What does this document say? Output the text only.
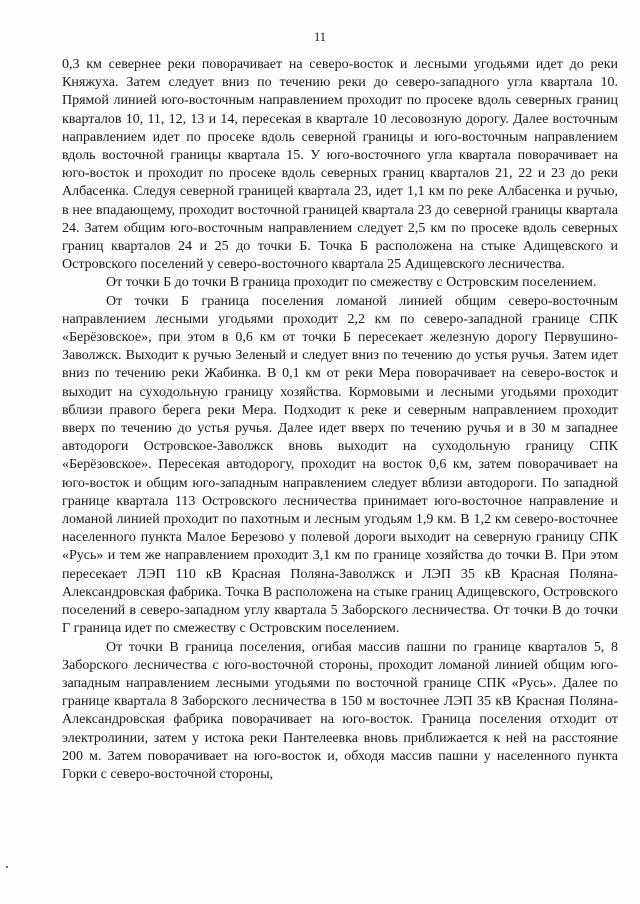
11

0,3 км севернее реки поворачивает на северо-восток и лесными угодьями идет до реки Княжуха. Затем следует вниз по течению реки до северо-западного угла квартала 10. Прямой линией юго-восточным направлением проходит по просеке вдоль северных границ кварталов 10, 11, 12, 13 и 14, пересекая в квартале 10 лесовозную дорогу. Далее восточным направлением идет по просеке вдоль северной границы и юго-восточным направлением вдоль восточной границы квартала 15. У юго-восточного угла квартала поворачивает на юго-восток и проходит по просеке вдоль северных границ кварталов 21, 22 и 23 до реки Албасенка. Следуя северной границей квартала 23, идет 1,1 км по реке Албасенка и ручью, в нее впадающему, проходит восточной границей квартала 23 до северной границы квартала 24. Затем общим юго-восточным направлением следует 2,5 км по просеке вдоль северных границ кварталов 24 и 25 до точки Б. Точка Б расположена на стыке Адищевского и Островского поселений у северо-восточного квартала 25 Адищевского лесничества.

От точки Б до точки В граница проходит по смежеству с Островским поселением.

От точки Б граница поселения ломаной линией общим северо-восточным направлением лесными угодьями проходит 2,2 км по северо-западной границе СПК «Берёзовское», при этом в 0,6 км от точки Б пересекает железную дорогу Первушино-Заволжск. Выходит к ручью Зеленый и следует вниз по течению до устья ручья. Затем идет вниз по течению реки Жабинка. В 0,1 км от реки Мера поворачивает на северо-восток и выходит на суходольную границу хозяйства. Кормовыми и лесными угодьями проходит вблизи правого берега реки Мера. Подходит к реке и северным направлением проходит вверх по течению до устья ручья. Далее идет вверх по течению ручья и в 30 м западнее автодороги Островское-Заволжск вновь выходит на суходольную границу СПК «Берёзовское». Пересекая автодорогу, проходит на восток 0,6 км, затем поворачивает на юго-восток и общим юго-западным направлением следует вблизи автодороги. По западной границе квартала 113 Островского лесничества принимает юго-восточное направление и ломаной линией проходит по пахотным и лесным угодьям 1,9 км. В 1,2 км северо-восточнее населенного пункта Малое Березово у полевой дороги выходит на северную границу СПК «Русь» и тем же направлением проходит 3,1 км по границе хозяйства до точки В. При этом пересекает ЛЭП 110 кВ Красная Поляна-Заволжск и ЛЭП 35 кВ Красная Поляна-Александровская фабрика. Точка В расположена на стыке границ Адищевского, Островского поселений в северо-западном углу квартала 5 Заборского лесничества. От точки В до точки Г граница идет по смежеству с Островским поселением.

От точки В граница поселения, огибая массив пашни по границе кварталов 5, 8 Заборского лесничества с юго-восточной стороны, проходит ломаной линией общим юго-западным направлением лесными угодьями по восточной границе СПК «Русь». Далее по границе квартала 8 Заборского лесничества в 150 м восточнее ЛЭП 35 кВ Красная Поляна-Александровская фабрика поворачивает на юго-восток. Граница поселения отходит от электролинии, затем у истока реки Пантелеевка вновь приближается к ней на расстояние 200 м. Затем поворачивает на юго-восток и, обходя массив пашни у населенного пункта Горки с северо-восточной стороны,
